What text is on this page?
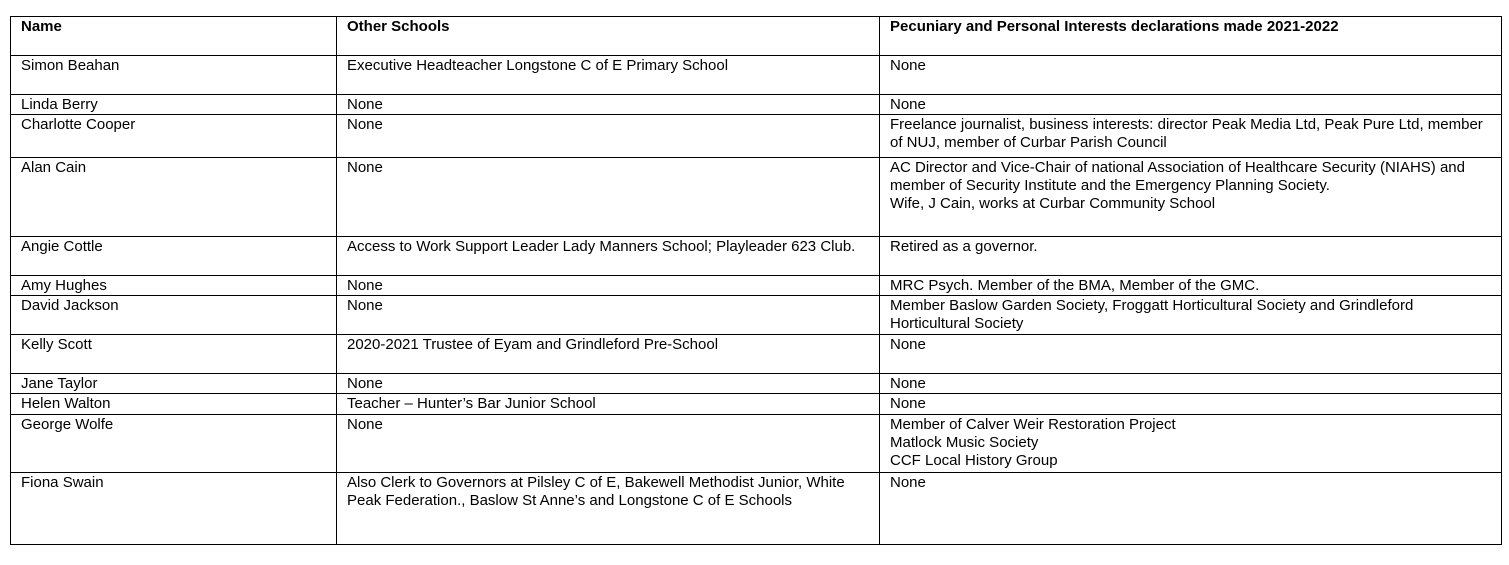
Name	Other Schools	Pecuniary and Personal Interests declarations made 2021-2022
Simon Beahan	Executive Headteacher Longstone C of E Primary School	None

Linda Berry	None	None

Charlotte Cooper	None	Freelance journalist, business interests: director Peak Media Ltd, Peak Pure Ltd, member of NUJ, member of Curbar Parish Council

Alan Cain	None	AC Director and Vice-Chair of national Association of Healthcare Security (NIAHS) and member of Security Institute and the Emergency Planning Society.
Wife, J Cain, works at Curbar Community School

Angie Cottle	Access to Work Support Leader Lady Manners School; Playleader 623 Club.	Retired as a governor.

Amy Hughes	None	MRC Psych. Member of the BMA, Member of the GMC.

David Jackson	None	Member Baslow Garden Society, Froggatt Horticultural Society and Grindleford Horticultural Society

Kelly Scott	2020-2021 Trustee of Eyam and Grindleford Pre-School	None

Jane Taylor	None	None

Helen Walton	Teacher – Hunter’s Bar Junior School	None

George Wolfe	None	Member of Calver Weir Restoration Project
Matlock Music Society
CCF Local History Group

Fiona Swain	Also Clerk to Governors at Pilsley C of E, Bakewell Methodist Junior, White Peak Federation., Baslow St Anne’s and Longstone C of E Schools	None
